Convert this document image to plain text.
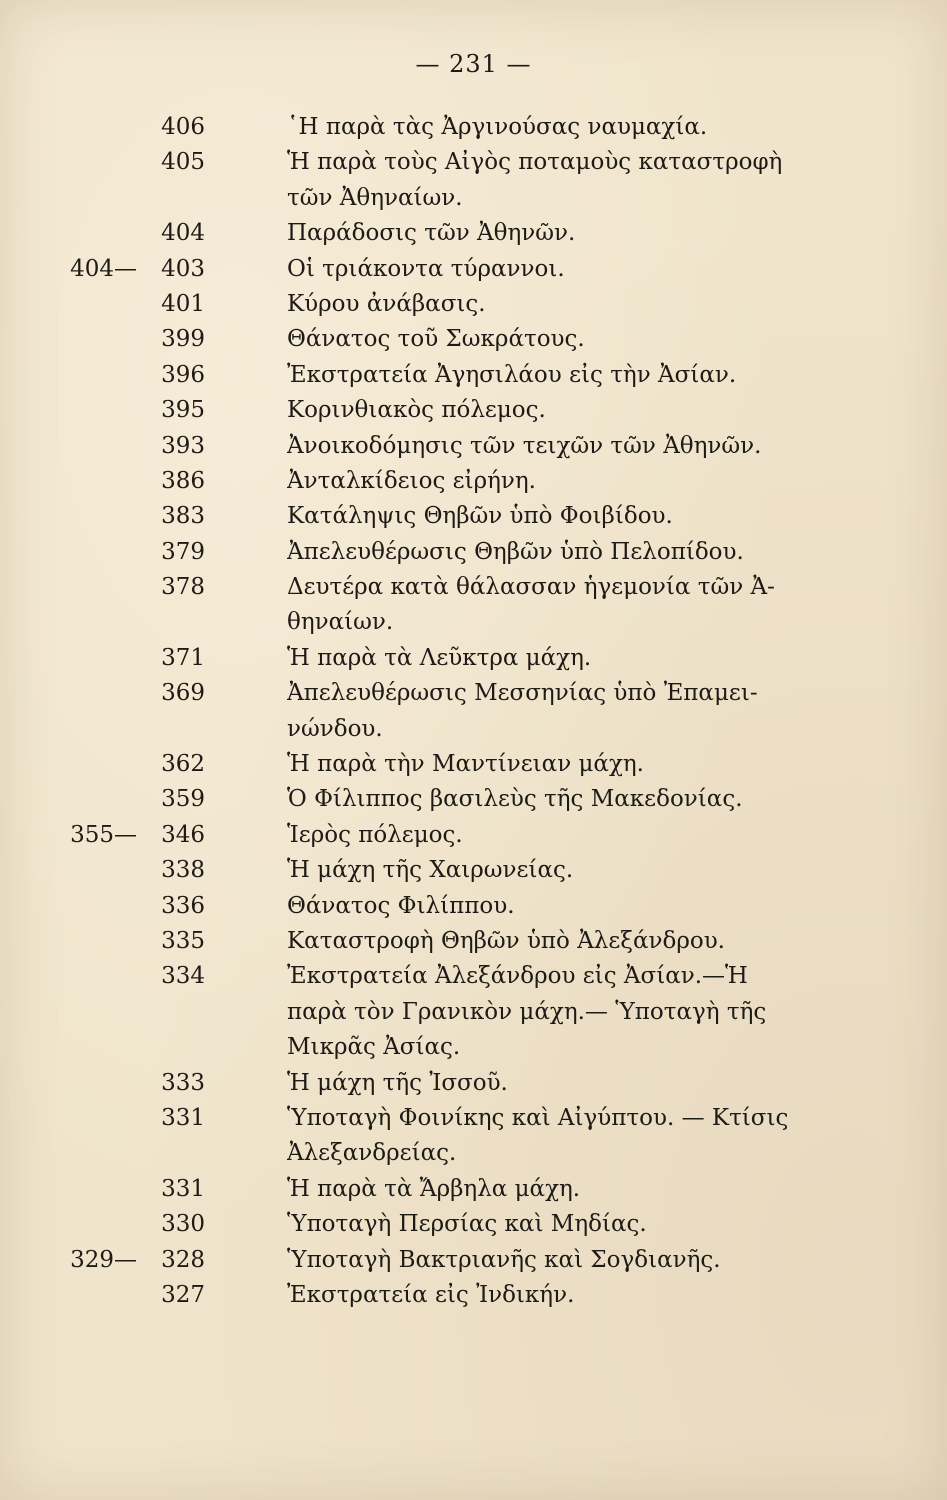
— 231 —
406	῾Η παρὰ τὰς Ἀργινούσας ναυμαχία.
405	Ἡ παρὰ τοὺς Αἰγὸς ποταμοὺς καταστροφὴ
τῶν Ἀθηναίων.
404	Παράδοσις τῶν Ἀθηνῶν.
404—	403	Οἱ τριάκοντα τύραννοι.
401	Κύρου ἀνάβασις.
399	Θάνατος τοῦ Σωκράτους.
396	Ἐκστρατεία Ἀγησιλάου εἰς τὴν Ἀσίαν.
395	Κορινθιακὸς πόλεμος.
393	Ἀνοικοδόμησις τῶν τειχῶν τῶν Ἀθηνῶν.
386	Ἀνταλκίδειος εἰρήνη.
383	Κατάληψις Θηβῶν ὑπὸ Φοιβίδου.
379	Ἀπελευθέρωσις Θηβῶν ὑπὸ Πελοπίδου.
378	Δευτέρα κατὰ θάλασσαν ἡγεμονία τῶν Ἀ-
θηναίων.
371	Ἡ παρὰ τὰ Λεῦκτρα μάχη.
369	Ἀπελευθέρωσις Μεσσηνίας ὑπὸ Ἐπαμει-
νώνδου.
362	Ἡ παρὰ τὴν Μαντίνειαν μάχη.
359	Ὁ Φίλιππος βασιλεὺς τῆς Μακεδονίας.
355—	346	Ἱερὸς πόλεμος.
338	Ἡ μάχη τῆς Χαιρωνείας.
336	Θάνατος Φιλίππου.
335	Καταστροφὴ Θηβῶν ὑπὸ Ἀλεξάνδρου.
334	Ἐκστρατεία Ἀλεξάνδρου εἰς Ἀσίαν.—Ἡ
παρὰ τὸν Γρανικὸν μάχη.— Ὑποταγὴ τῆς
Μικρᾶς Ἀσίας.
333	Ἡ μάχη τῆς Ἰσσοῦ.
331	Ὑποταγὴ Φοινίκης καὶ Αἰγύπτου. — Κτίσις
Ἀλεξανδρείας.
331	Ἡ παρὰ τὰ Ἄρβηλα μάχη.
330	Ὑποταγὴ Περσίας καὶ Μηδίας.
329—	328	Ὑποταγὴ Βακτριανῆς καὶ Σογδιανῆς.
327	Ἐκστρατεία εἰς Ἰνδικήν.
